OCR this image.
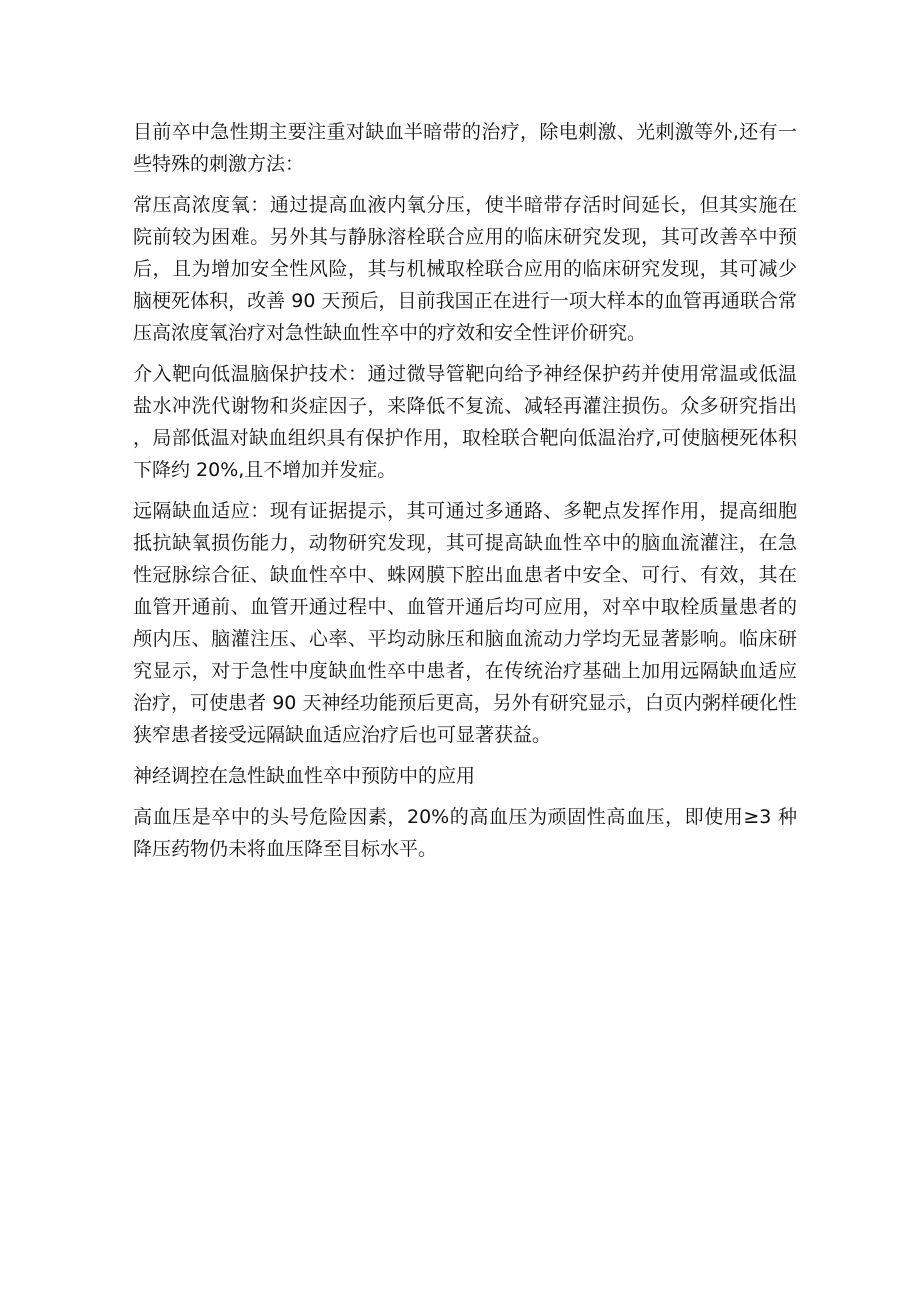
目前卒中急性期主要注重对缺血半暗带的治疗，除电刺激、光刺激等外,还有一些特殊的刺激方法：

常压高浓度氧：通过提高血液内氧分压，使半暗带存活时间延长，但其实施在院前较为困难。另外其与静脉溶栓联合应用的临床研究发现，其可改善卒中预后，且为增加安全性风险，其与机械取栓联合应用的临床研究发现，其可减少脑梗死体积，改善 90 天预后，目前我国正在进行一项大样本的血管再通联合常压高浓度氧治疗对急性缺血性卒中的疗效和安全性评价研究。

介入靶向低温脑保护技术：通过微导管靶向给予神经保护药并使用常温或低温盐水冲洗代谢物和炎症因子，来降低不复流、减轻再灌注损伤。众多研究指出，局部低温对缺血组织具有保护作用，取栓联合靶向低温治疗,可使脑梗死体积下降约 20%,且不增加并发症。

远隔缺血适应：现有证据提示，其可通过多通路、多靶点发挥作用，提高细胞抵抗缺氧损伤能力，动物研究发现，其可提高缺血性卒中的脑血流灌注，在急性冠脉综合征、缺血性卒中、蛛网膜下腔出血患者中安全、可行、有效，其在血管开通前、血管开通过程中、血管开通后均可应用，对卒中取栓质量患者的颅内压、脑灌注压、心率、平均动脉压和脑血流动力学均无显著影响。临床研究显示，对于急性中度缺血性卒中患者，在传统治疗基础上加用远隔缺血适应治疗，可使患者 90 天神经功能预后更高，另外有研究显示，白页内粥样硬化性狭窄患者接受远隔缺血适应治疗后也可显著获益。

神经调控在急性缺血性卒中预防中的应用

高血压是卒中的头号危险因素，20%的高血压为顽固性高血压，即使用≥3 种降压药物仍未将血压降至目标水平。
